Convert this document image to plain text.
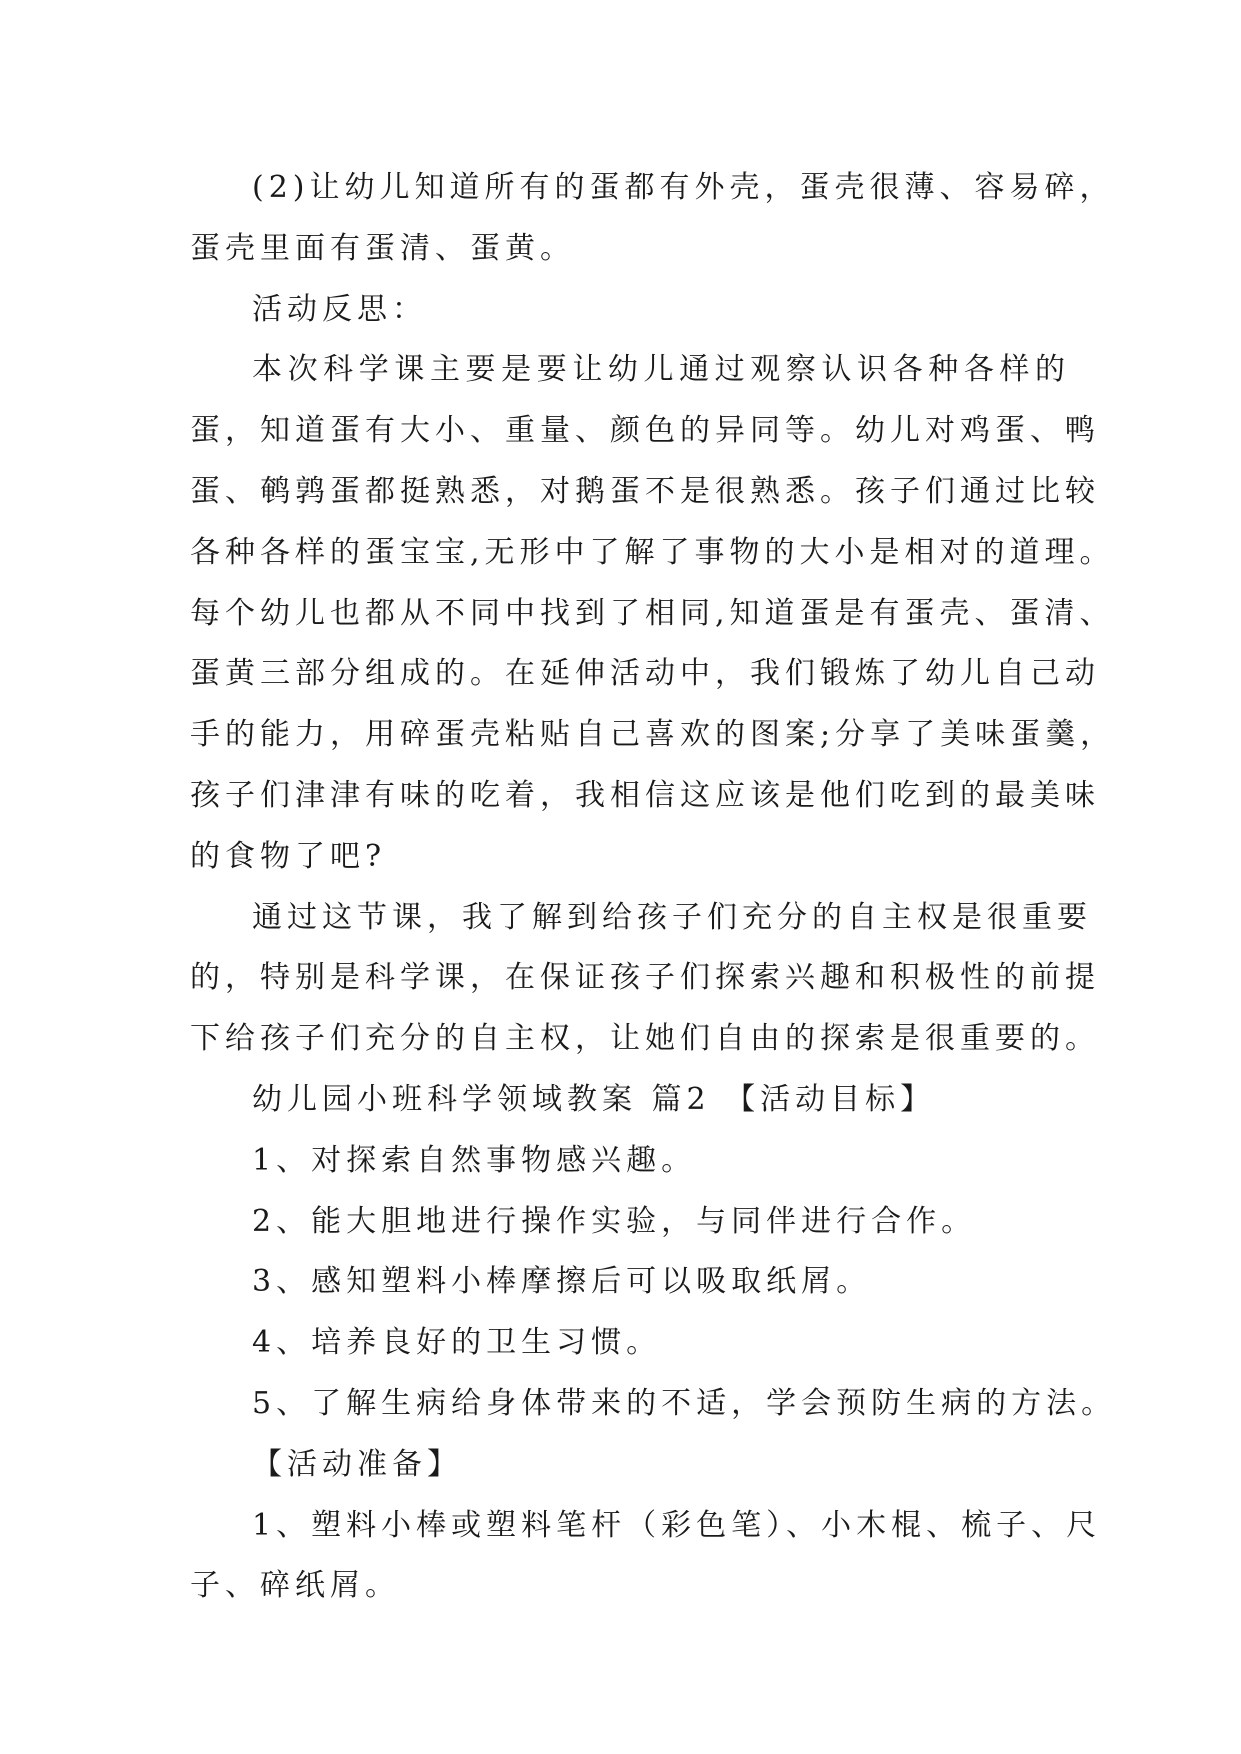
(2)让幼儿知道所有的蛋都有外壳，蛋壳很薄、容易碎，
蛋壳里面有蛋清、蛋黄。
活动反思：
本次科学课主要是要让幼儿通过观察认识各种各样的
蛋，知道蛋有大小、重量、颜色的异同等。幼儿对鸡蛋、鸭
蛋、鹌鹑蛋都挺熟悉，对鹅蛋不是很熟悉。孩子们通过比较
各种各样的蛋宝宝,无形中了解了事物的大小是相对的道理。
每个幼儿也都从不同中找到了相同,知道蛋是有蛋壳、蛋清、
蛋黄三部分组成的。在延伸活动中，我们锻炼了幼儿自己动
手的能力，用碎蛋壳粘贴自己喜欢的图案;分享了美味蛋羹，
孩子们津津有味的吃着，我相信这应该是他们吃到的最美味
的食物了吧?
通过这节课，我了解到给孩子们充分的自主权是很重要
的，特别是科学课，在保证孩子们探索兴趣和积极性的前提
下给孩子们充分的自主权，让她们自由的探索是很重要的。
幼儿园小班科学领域教案 篇2 【活动目标】
1、对探索自然事物感兴趣。
2、能大胆地进行操作实验，与同伴进行合作。
3、感知塑料小棒摩擦后可以吸取纸屑。
4、培养良好的卫生习惯。
5、了解生病给身体带来的不适，学会预防生病的方法。
【活动准备】
1、塑料小棒或塑料笔杆（彩色笔）、小木棍、梳子、尺
子、碎纸屑。
